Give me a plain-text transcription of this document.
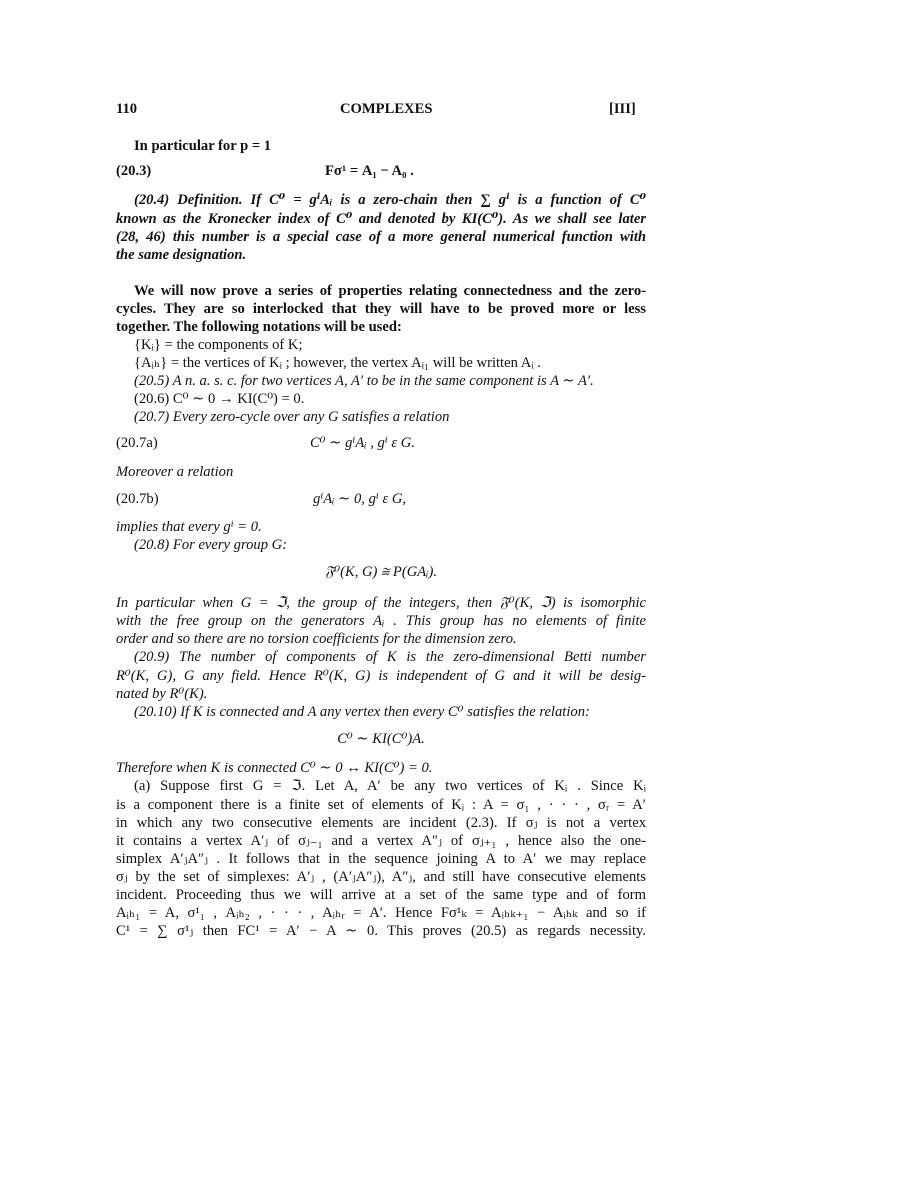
110	COMPLEXES	[III]
In particular for p = 1
(20.3)	Fσ¹ = A₁ − A₀ .
(20.4) Definition. If C⁰ = gⁱAᵢ is a zero-chain then ∑ gⁱ is a function of C⁰
known as the Kronecker index of C⁰ and denoted by KI(C⁰). As we shall see later
(28, 46) this number is a special case of a more general numerical function with
the same designation.
We will now prove a series of properties relating connectedness and the zero-
cycles. They are so interlocked that they will have to be proved more or less
together. The following notations will be used:
{Kᵢ} = the components of K;
{Aᵢₕ} = the vertices of Kᵢ ; however, the vertex Aᵢ₁ will be written Aᵢ .
(20.5) A n. a. s. c. for two vertices A, A′ to be in the same component is A ∼ A′.
(20.6) C⁰ ∼ 0 → KI(C⁰) = 0.
(20.7) Every zero-cycle over any G satisfies a relation
(20.7a)	C⁰ ∼ gⁱAᵢ , gⁱ ε G.
Moreover a relation
(20.7b)	gⁱAᵢ ∼ 0, gⁱ ε G,
implies that every gⁱ = 0.
(20.8) For every group G:
𝔉⁰(K, G) ≅ P(GAᵢ).
In particular when G = ℑ, the group of the integers, then 𝔉⁰(K, ℑ) is isomorphic
with the free group on the generators Aᵢ . This group has no elements of finite
order and so there are no torsion coefficients for the dimension zero.
(20.9) The number of components of K is the zero-dimensional Betti number
R⁰(K, G), G any field. Hence R⁰(K, G) is independent of G and it will be desig-
nated by R⁰(K).
(20.10) If K is connected and A any vertex then every C⁰ satisfies the relation:
C⁰ ∼ KI(C⁰)A.
Therefore when K is connected C⁰ ∼ 0 ↔ KI(C⁰) = 0.
(a) Suppose first G = ℑ. Let A, A′ be any two vertices of Kᵢ . Since Kᵢ
is a component there is a finite set of elements of Kᵢ : A = σ₁ , · · · , σᵣ = A′
in which any two consecutive elements are incident (2.3). If σⱼ is not a vertex
it contains a vertex A′ⱼ of σⱼ₋₁ and a vertex A″ⱼ of σⱼ₊₁ , hence also the one-
simplex A′ⱼA″ⱼ . It follows that in the sequence joining A to A′ we may replace
σⱼ by the set of simplexes: A′ⱼ , (A′ⱼA″ⱼ), A″ⱼ, and still have consecutive elements
incident. Proceeding thus we will arrive at a set of the same type and of form
Aᵢₕ₁ = A, σ¹₁ , Aᵢₕ₂ , · · · , Aᵢₕᵣ = A′. Hence Fσ¹ₖ = Aᵢₕₖ₊₁ − Aᵢₕₖ and so if
C¹ = ∑ σ¹ⱼ then FC¹ = A′ − A ∼ 0. This proves (20.5) as regards necessity.
